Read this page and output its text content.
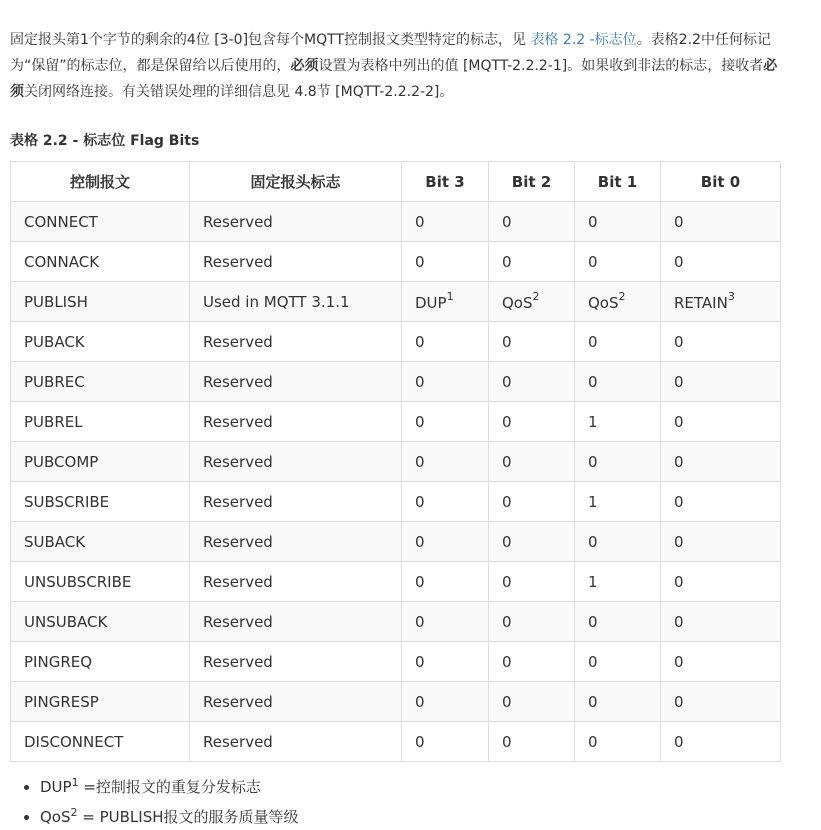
固定报头第1个字节的剩余的4位 [3-0]包含每个MQTT控制报文类型特定的标志，见 表格 2.2 -标志位。表格2.2中任何标记为“保留”的标志位，都是保留给以后使用的，必须设置为表格中列出的值 [MQTT-2.2.2-1]。如果收到非法的标志，接收者必须关闭网络连接。有关错误处理的详细信息见 4.8节 [MQTT-2.2.2-2]。

表格 2.2 - 标志位 Flag Bits

控制报文	固定报头标志	Bit 3	Bit 2	Bit 1	Bit 0
CONNECT	Reserved	0	0	0	0
CONNACK	Reserved	0	0	0	0
PUBLISH	Used in MQTT 3.1.1	DUP$^1$	QoS$^2$	QoS$^2$	RETAIN$^3$
PUBACK	Reserved	0	0	0	0
PUBREC	Reserved	0	0	0	0
PUBREL	Reserved	0	0	1	0
PUBCOMP	Reserved	0	0	0	0
SUBSCRIBE	Reserved	0	0	1	0
SUBACK	Reserved	0	0	0	0
UNSUBSCRIBE	Reserved	0	0	1	0
UNSUBACK	Reserved	0	0	0	0
PINGREQ	Reserved	0	0	0	0
PINGRESP	Reserved	0	0	0	0
DISCONNECT	Reserved	0	0	0	0
• $DUP^1$ =控制报文的重复分发标志
• QoS$^2$ = PUBLISH报文的服务质量等级
